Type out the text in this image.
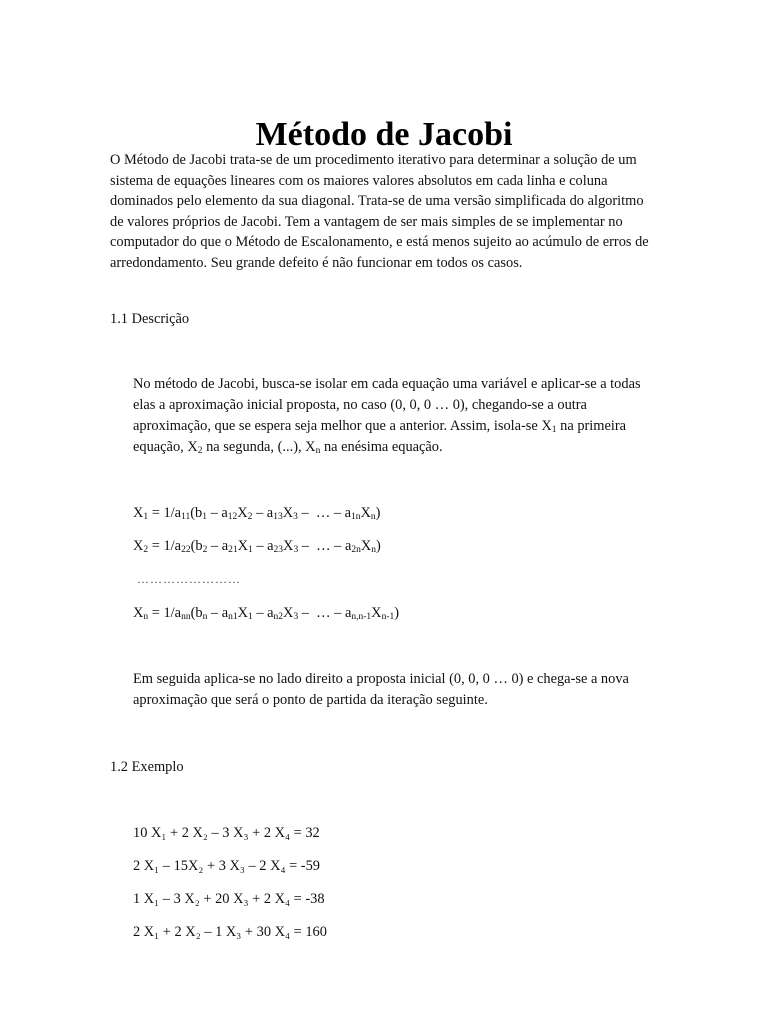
Método de Jacobi

O Método de Jacobi trata-se de um procedimento iterativo para determinar a solução de um sistema de equações lineares com os maiores valores absolutos em cada linha e coluna dominados pelo elemento da sua diagonal. Trata-se de uma versão simplificada do algoritmo de valores próprios de Jacobi. Tem a vantagem de ser mais simples de se implementar no computador do que o Método de Escalonamento, e está menos sujeito ao acúmulo de erros de arredondamento. Seu grande defeito é não funcionar em todos os casos.

1.1 Descrição

No método de Jacobi, busca-se isolar em cada equação uma variável e aplicar-se a todas elas a aproximação inicial proposta, no caso (0, 0, 0 … 0), chegando-se a outra aproximação, que se espera seja melhor que a anterior. Assim, isola-se $X_1$ na primeira equação, $X_2$ na segunda, (...), $X_n$ na enésima equação.

$X_1 = 1/a_{11}(b_1 - a_{12}X_2 - a_{13}X_3$ –  … – $a_{1n}X_n$)

$X_2 = 1/a_{22}(b_2 - a_{21}X_1 - a_{23}X_3$ –  … – $a_{2n}X_n$)

……………………

$X_n = 1/a_{nn}(b_n - a_{n1}X_1 - a_{n2}X_3$ –  … – $a_{n,n-1}X_{n-1}$)

Em seguida aplica-se no lado direito a proposta inicial (0, 0, 0 … 0) e chega-se a nova aproximação que será o ponto de partida da iteração seguinte.

1.2 Exemplo

10 X₁ + 2 X₂ – 3 X₃ + 2 X₄ = 32

2 X₁ – 15X₂ + 3 X₃ – 2 X₄ = -59

1 X₁ – 3 X₂ + 20 X₃ + 2 X₄ = -38

2 X₁ + 2 X₂ – 1 X₃ + 30 X₄ = 160
